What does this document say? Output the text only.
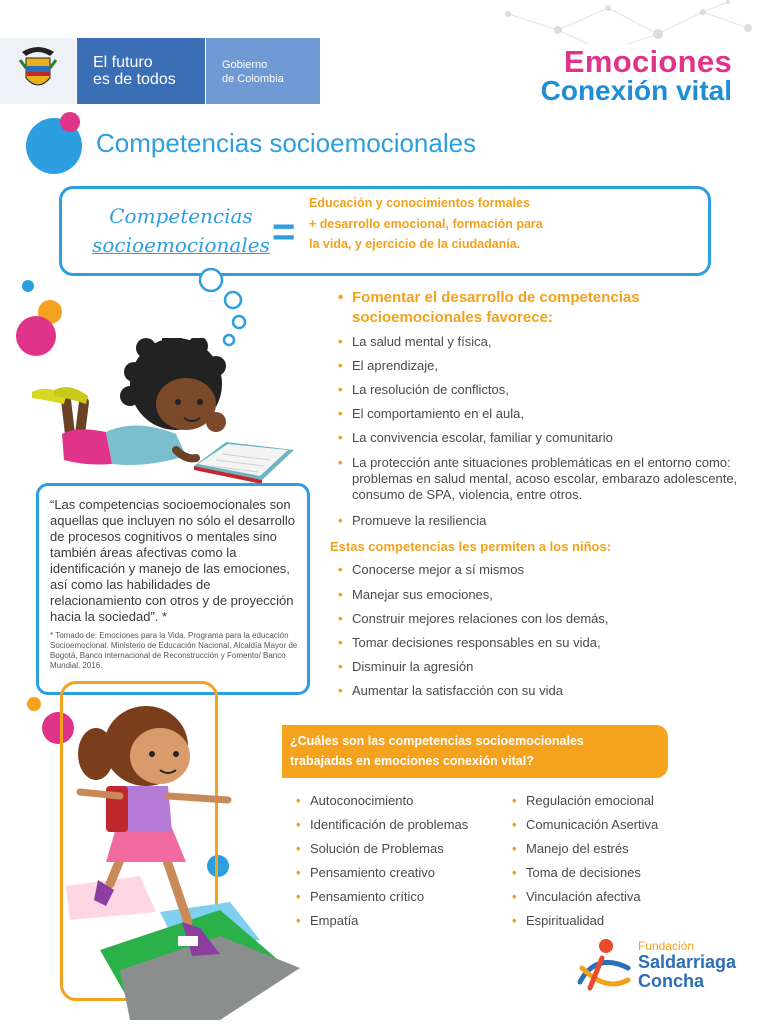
El futuro
es de todos
Gobierno
de Colombia	Emociones
Conexión vital
Competencias socioemocionales
Competencias
socioemocionales =
Educación y conocimientos formales
+ desarrollo emocional, formación para
la vida, y ejercicio de la ciudadanía.
• Fomentar el desarrollo de competencias
socioemocionales favorece:
• La salud mental y física,
• El aprendizaje,
• La resolución de conflictos,
• El comportamiento en el aula,
• La convivencia escolar, familiar y comunitario
• La protección ante situaciones problemáticas en el entorno como: problemas en salud mental, acoso escolar, embarazo adolescente, consumo de SPA, violencia, entre otros.
• Promueve la resiliencia
Estas competencias les permiten a los niños:
• Conocerse mejor a sí mismos
• Manejar sus emociones,
• Construir mejores relaciones con los demás,
• Tomar decisiones responsables en su vida,
• Disminuir la agresión
• Aumentar la satisfacción con su vida
“Las competencias socioemocionales son aquellas que incluyen no sólo el desarrollo de procesos cognitivos o mentales sino también áreas afectivas como la identificación y manejo de las emociones, así como las habilidades de relacionamiento con otros y de proyección hacia la sociedad”. *
* Tomado de: Emociones para la Vida. Programa para la educación Socioemocional. Ministerio de Educación Nacional, Alcaldía Mayor de Bogotá, Banco internacional de Reconstrucción y Fomento/ Banco Mundial. 2016.
¿Cuáles son las competencias socioemocionales
trabajadas en emociones conexión vital?
• Autoconocimiento
• Identificación de problemas
• Solución de Problemas
• Pensamiento creativo
• Pensamiento crítico
• Empatía
• Regulación emocional
• Comunicación Asertiva
• Manejo del estrés
• Toma de decisiones
• Vinculación afectiva
• Espiritualidad
Fundación
Saldarriaga
Concha
